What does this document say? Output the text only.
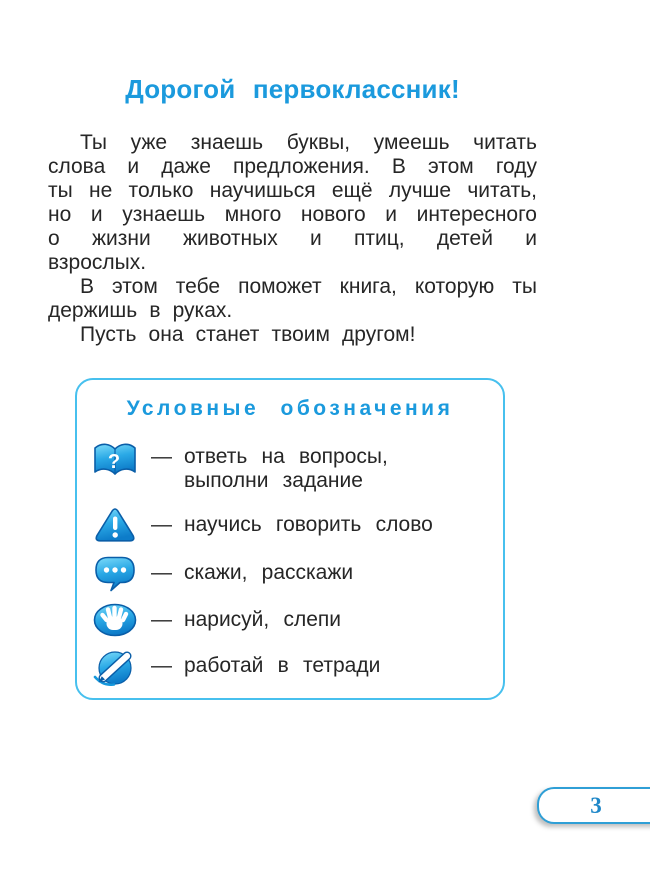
Дорогой первоклассник!
Ты уже знаешь буквы, умеешь читать
слова и даже предложения. В этом году
ты не только научишься ещё лучше читать,
но и узнаешь много нового и интересного
о жизни животных и птиц, детей и
взрослых.
В этом тебе поможет книга, которую ты
держишь в руках.
Пусть она станет твоим другом!
Условные обозначения
? — ответь на вопросы,
выполни задание
— научись говорить слово
— скажи, расскажи
— нарисуй, слепи
— работай в тетради
3
